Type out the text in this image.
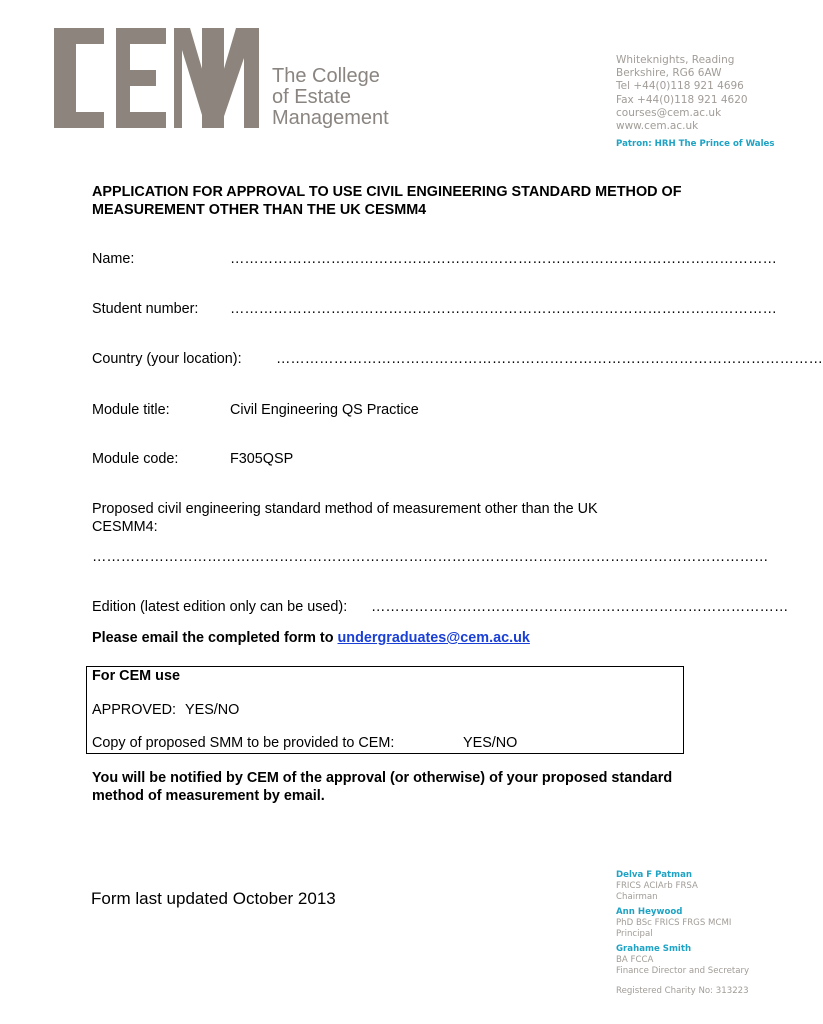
The College
of Estate
Management
Whiteknights, Reading
Berkshire, RG6 6AW
Tel +44(0)118 921 4696
Fax +44(0)118 921 4620
courses@cem.ac.uk
www.cem.ac.uk
Patron: HRH The Prince of Wales
APPLICATION FOR APPROVAL TO USE CIVIL ENGINEERING STANDARD METHOD OF MEASUREMENT OTHER THAN THE UK CESMM4
Name:	……………………………………………………………………………………………………
Student number: ……………………………………………………………………………………………………
Country (your location): ……………………………………………………………………………………………………
Module title:	Civil Engineering QS Practice
Module code:	F305QSP
Proposed civil engineering standard method of measurement other than the UK CESMM4:
……………………………………………………………………………………………………………………………
Edition (latest edition only can be used): ……………………………………………………………………………
Please email the completed form to undergraduates@cem.ac.uk
For CEM use
APPROVED: YES/NO
Copy of proposed SMM to be provided to CEM:	YES/NO
You will be notified by CEM of the approval (or otherwise) of your proposed standard method of measurement by email.
Form last updated October 2013
Delva F Patman
FRICS ACIArb FRSA
Chairman
Ann Heywood
PhD BSc FRICS FRGS MCMI
Principal
Grahame Smith
BA FCCA
Finance Director and Secretary
Registered Charity No: 313223
